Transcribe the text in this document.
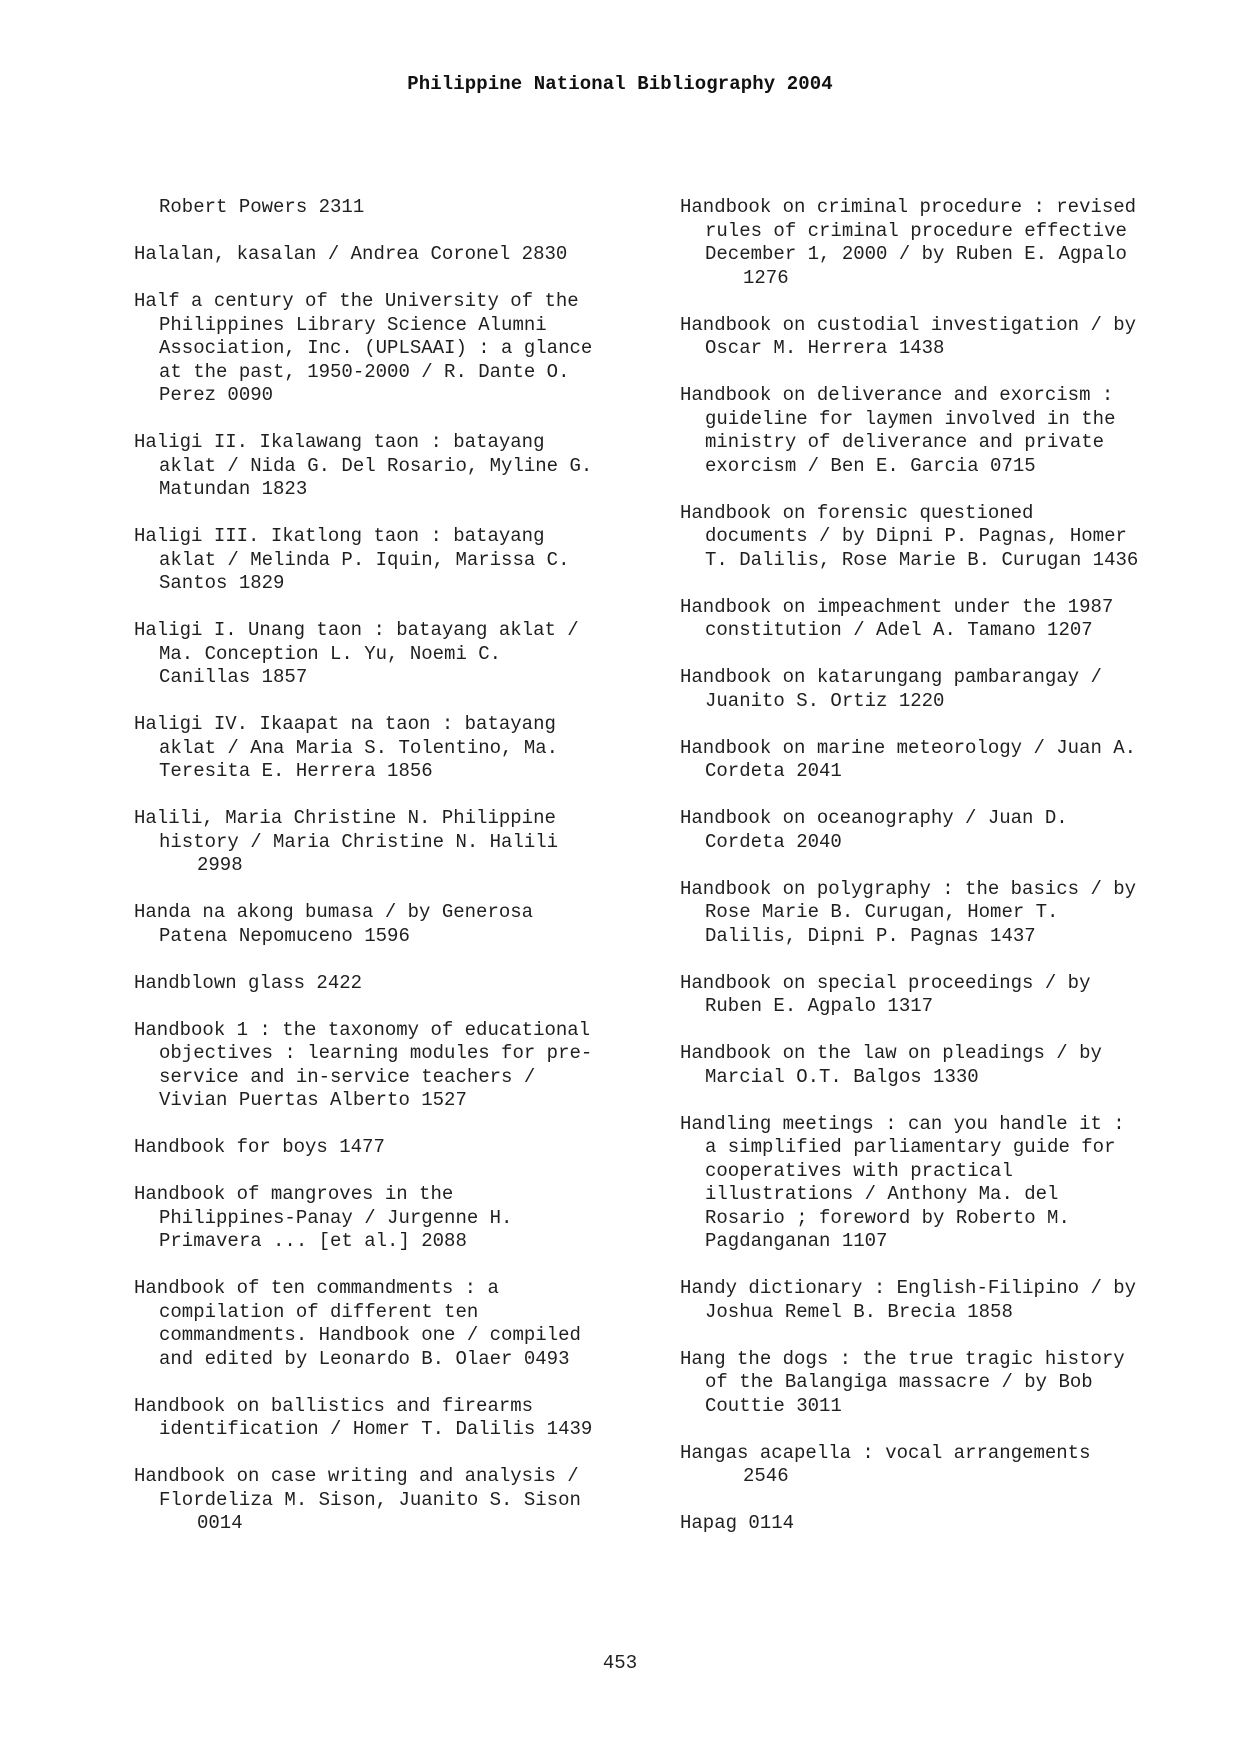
Philippine National Bibliography 2004
Robert Powers 2311
Halalan, kasalan / Andrea Coronel 2830
Half a century of the University of the
Philippines Library Science Alumni
Association, Inc. (UPLSAAI) : a glance
at the past, 1950-2000 / R. Dante O.
Perez 0090
Haligi II. Ikalawang taon : batayang
aklat / Nida G. Del Rosario, Myline G.
Matundan 1823
Haligi III. Ikatlong taon : batayang
aklat / Melinda P. Iquin, Marissa C.
Santos 1829
Haligi I. Unang taon : batayang aklat /
Ma. Conception L. Yu, Noemi C.
Canillas 1857
Haligi IV. Ikaapat na taon : batayang
aklat / Ana Maria S. Tolentino, Ma.
Teresita E. Herrera 1856
Halili, Maria Christine N. Philippine
history / Maria Christine N. Halili
2998
Handa na akong bumasa / by Generosa
Patena Nepomuceno 1596
Handblown glass 2422
Handbook 1 : the taxonomy of educational
objectives : learning modules for pre-
service and in-service teachers /
Vivian Puertas Alberto 1527
Handbook for boys 1477
Handbook of mangroves in the
Philippines-Panay / Jurgenne H.
Primavera ... [et al.] 2088
Handbook of ten commandments : a
compilation of different ten
commandments. Handbook one / compiled
and edited by Leonardo B. Olaer 0493
Handbook on ballistics and firearms
identification / Homer T. Dalilis 1439
Handbook on case writing and analysis /
Flordeliza M. Sison, Juanito S. Sison
0014
Handbook on criminal procedure : revised
rules of criminal procedure effective
December 1, 2000 / by Ruben E. Agpalo
1276
Handbook on custodial investigation / by
Oscar M. Herrera 1438
Handbook on deliverance and exorcism :
guideline for laymen involved in the
ministry of deliverance and private
exorcism / Ben E. Garcia 0715
Handbook on forensic questioned
documents / by Dipni P. Pagnas, Homer
T. Dalilis, Rose Marie B. Curugan 1436
Handbook on impeachment under the 1987
constitution / Adel A. Tamano 1207
Handbook on katarungang pambarangay /
Juanito S. Ortiz 1220
Handbook on marine meteorology / Juan A.
Cordeta 2041
Handbook on oceanography / Juan D.
Cordeta 2040
Handbook on polygraphy : the basics / by
Rose Marie B. Curugan, Homer T.
Dalilis, Dipni P. Pagnas 1437
Handbook on special proceedings / by
Ruben E. Agpalo 1317
Handbook on the law on pleadings / by
Marcial O.T. Balgos 1330
Handling meetings : can you handle it :
a simplified parliamentary guide for
cooperatives with practical
illustrations / Anthony Ma. del
Rosario ; foreword by Roberto M.
Pagdanganan 1107
Handy dictionary : English-Filipino / by
Joshua Remel B. Brecia 1858
Hang the dogs : the true tragic history
of the Balangiga massacre / by Bob
Couttie 3011
Hangas acapella : vocal arrangements
2546
Hapag 0114
453
